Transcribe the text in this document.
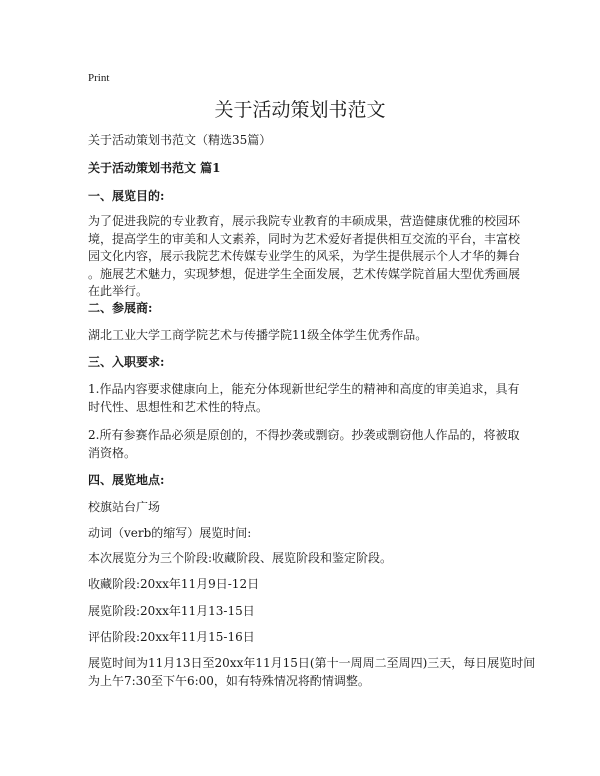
Print
关于活动策划书范文
关于活动策划书范文（精选35篇）
关于活动策划书范文 篇1
一、展览目的:
为了促进我院的专业教育，展示我院专业教育的丰硕成果，营造健康优雅的校园环
境，提高学生的审美和人文素养，同时为艺术爱好者提供相互交流的平台，丰富校
园文化内容，展示我院艺术传媒专业学生的风采，为学生提供展示个人才华的舞台
。施展艺术魅力，实现梦想，促进学生全面发展，艺术传媒学院首届大型优秀画展
在此举行。
二、参展商:
湖北工业大学工商学院艺术与传播学院11级全体学生优秀作品。
三、入职要求:
1.作品内容要求健康向上，能充分体现新世纪学生的精神和高度的审美追求，具有
时代性、思想性和艺术性的特点。
2.所有参赛作品必须是原创的，不得抄袭或剽窃。抄袭或剽窃他人作品的，将被取
消资格。
四、展览地点:
校旗站台广场
动词（verb的缩写）展览时间:
本次展览分为三个阶段:收藏阶段、展览阶段和鉴定阶段。
收藏阶段:20xx年11月9日-12日
展览阶段:20xx年11月13-15日
评估阶段:20xx年11月15-16日
展览时间为11月13日至20xx年11月15日(第十一周周二至周四)三天，每日展览时间
为上午7:30至下午6:00，如有特殊情况将酌情调整。
